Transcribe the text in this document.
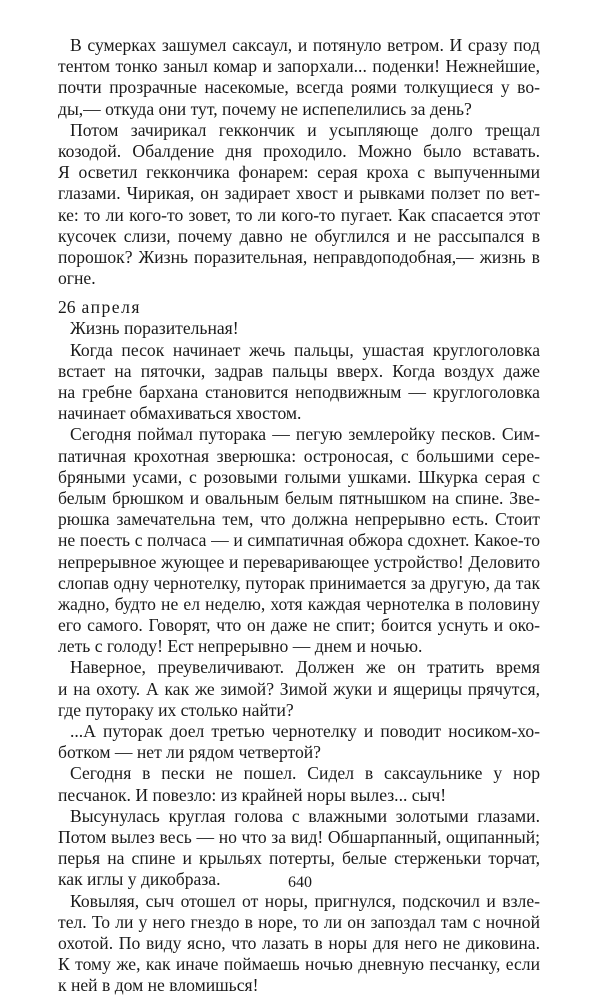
В сумерках зашумел саксаул, и потянуло ветром. И сразу под
тентом тонко заныл комар и запорхали... поденки! Нежнейшие,
почти прозрачные насекомые, всегда роями толкущиеся у во-
ды,— откуда они тут, почему не испепелились за день?
Потом зачирикал геккончик и усыпляюще долго трещал
козодой. Обалдение дня проходило. Можно было вставать.
Я осветил геккончика фонарем: серая кроха с выпученными
глазами. Чирикая, он задирает хвост и рывками ползет по вет-
ке: то ли кого-то зовет, то ли кого-то пугает. Как спасается этот
кусочек слизи, почему давно не обуглился и не рассыпался в
порошок? Жизнь поразительная, неправдоподобная,— жизнь в
огне.
26 апреля
Жизнь поразительная!
Когда песок начинает жечь пальцы, ушастая круглоголовка
встает на пяточки, задрав пальцы вверх. Когда воздух даже
на гребне бархана становится неподвижным — круглоголовка
начинает обмахиваться хвостом.
Сегодня поймал путорака — пегую землеройку песков. Сим-
патичная крохотная зверюшка: остроносая, с большими сере-
бряными усами, с розовыми голыми ушками. Шкурка серая с
белым брюшком и овальным белым пятнышком на спине. Зве-
рюшка замечательна тем, что должна непрерывно есть. Стоит
не поесть с полчаса — и симпатичная обжора сдохнет. Какое-то
непрерывное жующее и переваривающее устройство! Деловито
слопав одну чернотелку, путорак принимается за другую, да так
жадно, будто не ел неделю, хотя каждая чернотелка в половину
его самого. Говорят, что он даже не спит; боится уснуть и око-
леть с голоду! Ест непрерывно — днем и ночью.
Наверное, преувеличивают. Должен же он тратить время
и на охоту. А как же зимой? Зимой жуки и ящерицы прячутся,
где путораку их столько найти?
...А путорак доел третью чернотелку и поводит носиком-хо-
ботком — нет ли рядом четвертой?
Сегодня в пески не пошел. Сидел в саксаульнике у нор
песчанок. И повезло: из крайней норы вылез... сыч!
Высунулась круглая голова с влажными золотыми глазами.
Потом вылез весь — но что за вид! Обшарпанный, ощипанный;
перья на спине и крыльях потерты, белые стерженьки торчат,
как иглы у дикобраза.
Ковыляя, сыч отошел от норы, пригнулся, подскочил и взле-
тел. То ли у него гнездо в норе, то ли он запоздал там с ночной
охотой. По виду ясно, что лазать в норы для него не диковина.
К тому же, как иначе поймаешь ночью дневную песчанку, если
к ней в дом не вломишься!
640
